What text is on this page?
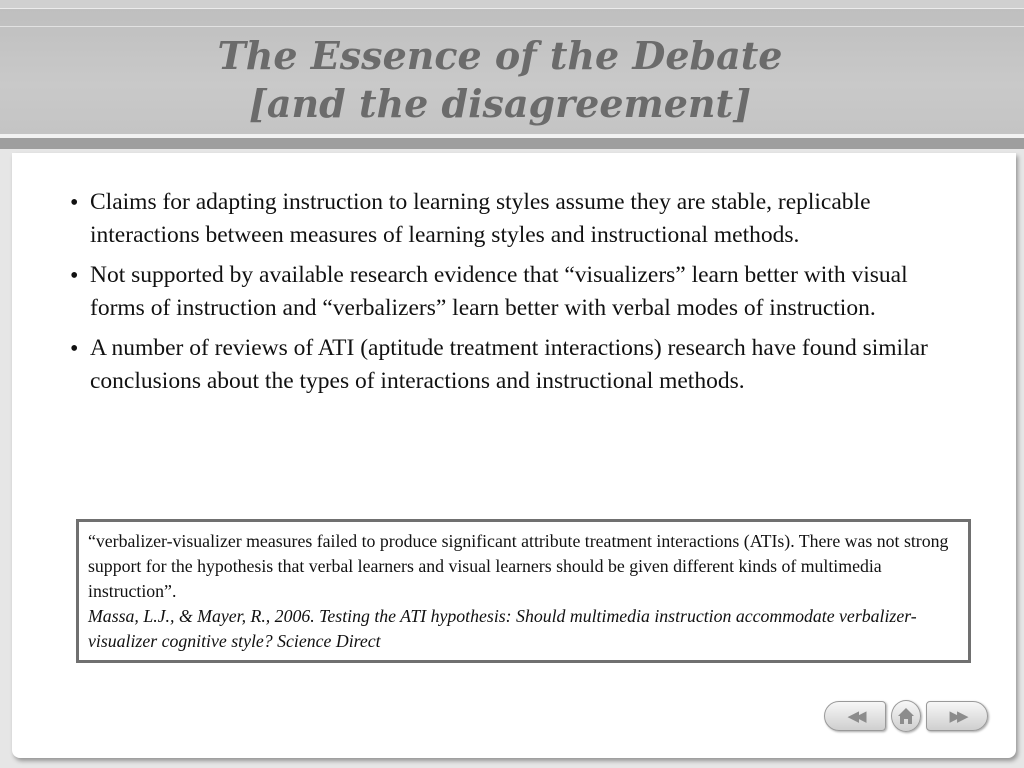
The Essence of the Debate
[and the disagreement]
• Claims for adapting instruction to learning styles assume they are stable, replicable interactions between measures of learning styles and instructional methods.
• Not supported by available research evidence that “visualizers” learn better with visual forms of instruction and “verbalizers” learn better with verbal modes of instruction.
• A number of reviews of ATI (aptitude treatment interactions) research have found similar conclusions about the types of interactions and instructional methods.
“verbalizer-visualizer measures failed to produce significant attribute treatment interactions (ATIs). There was not strong support for the hypothesis that verbal learners and visual learners should be given different kinds of multimedia instruction”.
Massa, L.J., & Mayer, R., 2006. Testing the ATI hypothesis: Should multimedia instruction accommodate verbalizer-visualizer cognitive style? Science Direct
◀◀	▶▶
